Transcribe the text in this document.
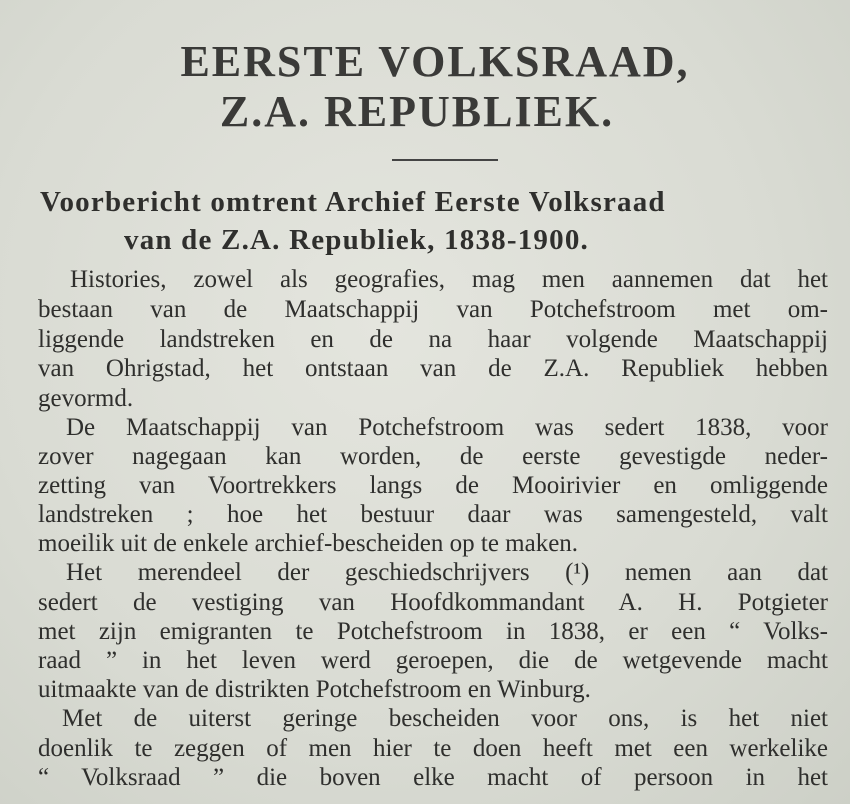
EERSTE VOLKSRAAD,
Z.A. REPUBLIEK.
Voorbericht omtrent Archief Eerste Volksraad
van de Z.A. Republiek, 1838-1900.

Histories, zowel als geografies, mag men aannemen dat het

bestaan van de Maatschappij van Potchefstroom met om-

liggende landstreken en de na haar volgende Maatschappij

van Ohrigstad, het ontstaan van de Z.A. Republiek hebben

gevormd.

De Maatschappij van Potchefstroom was sedert 1838, voor

zover nagegaan kan worden, de eerste gevestigde neder-

zetting van Voortrekkers langs de Mooirivier en omliggende

landstreken ; hoe het bestuur daar was samengesteld, valt

moeilik uit de enkele archief-bescheiden op te maken.

Het merendeel der geschiedschrijvers (¹) nemen aan dat

sedert de vestiging van Hoofdkommandant A. H. Potgieter

met zijn emigranten te Potchefstroom in 1838, er een “ Volks-

raad ” in het leven werd geroepen, die de wetgevende macht

uitmaakte van de distrikten Potchefstroom en Winburg.

Met de uiterst geringe bescheiden voor ons, is het niet

doenlik te zeggen of men hier te doen heeft met een werkelike

“ Volksraad ” die boven elke macht of persoon in het
